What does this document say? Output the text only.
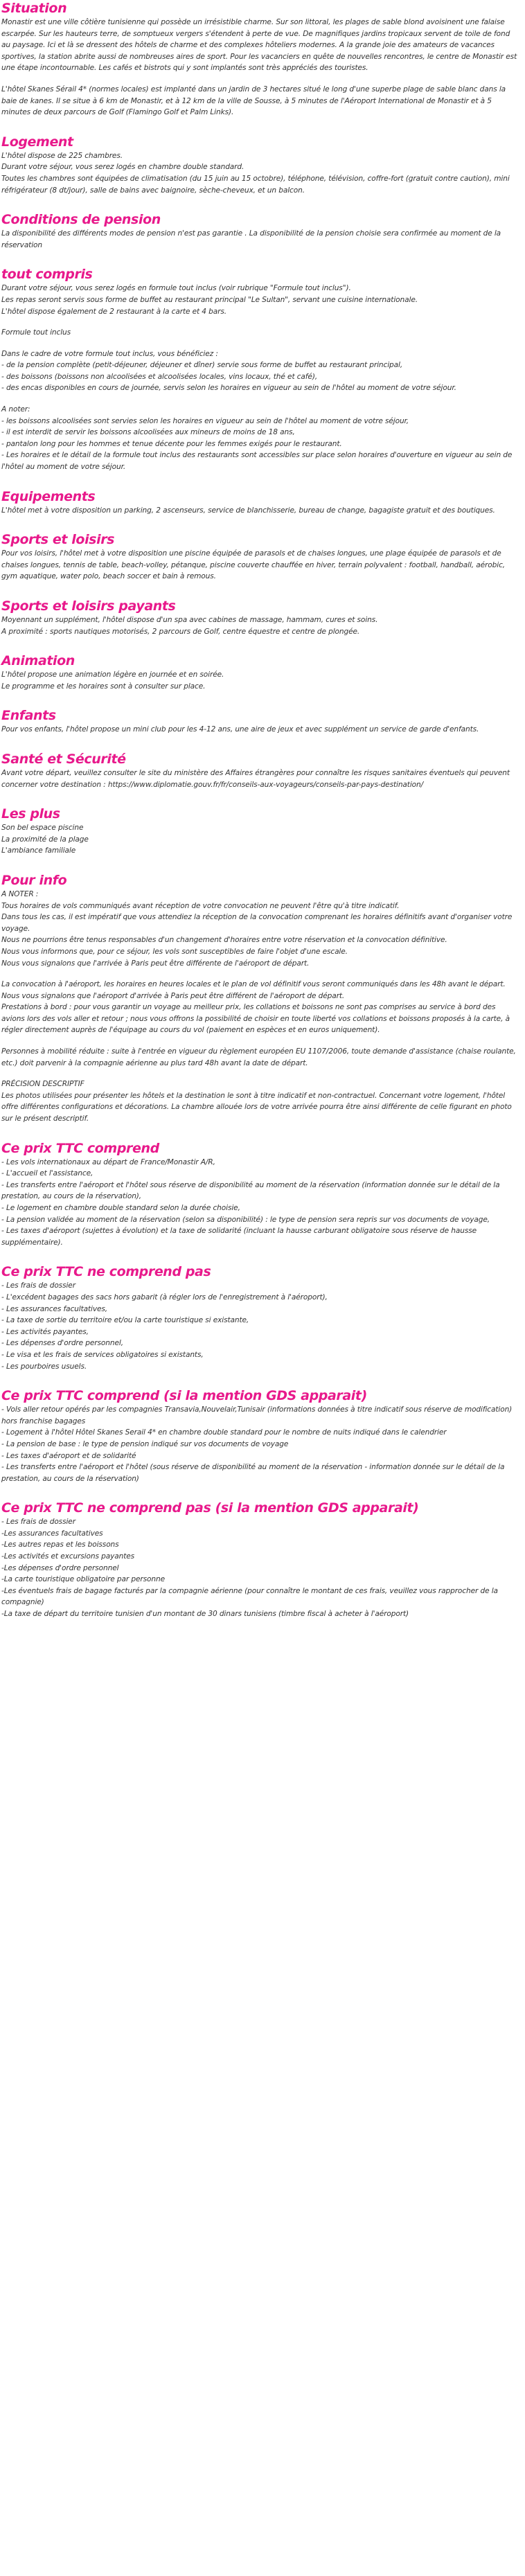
Situation
Monastir est une ville côtière tunisienne qui possède un irrésistible charme. Sur son littoral, les plages de sable blond avoisinent une falaise escarpée. Sur les hauteurs terre, de somptueux vergers s'étendent à perte de vue. De magnifiques jardins tropicaux servent de toile de fond au paysage. Ici et là se dressent des hôtels de charme et des complexes hôteliers modernes. A la grande joie des amateurs de vacances sportives, la station abrite aussi de nombreuses aires de sport. Pour les vacanciers en quête de nouvelles rencontres, le centre de Monastir est une étape incontournable. Les cafés et bistrots qui y sont implantés sont très appréciés des touristes.
L'hôtel Skanes Sérail 4* (normes locales) est implanté dans un jardin de 3 hectares situé le long d'une superbe plage de sable blanc dans la baie de kanes. Il se situe à 6 km de Monastir, et à 12 km de la ville de Sousse, à 5 minutes de l'Aéroport International de Monastir et à 5 minutes de deux parcours de Golf (Flamingo Golf et Palm Links).
Logement
L'hôtel dispose de 225 chambres.
Durant votre séjour, vous serez logés en chambre double standard.
Toutes les chambres sont équipées de climatisation (du 15 juin au 15 octobre), téléphone, télévision, coffre-fort (gratuit contre caution), mini réfrigérateur (8 dt/jour), salle de bains avec baignoire, sèche-cheveux, et un balcon.
Conditions de pension
La disponibilité des différents modes de pension n'est pas garantie . La disponibilité de la pension choisie sera confirmée au moment de la réservation
tout compris
Durant votre séjour, vous serez logés en formule tout inclus (voir rubrique "Formule tout inclus").
Les repas seront servis sous forme de buffet au restaurant principal "Le Sultan", servant une cuisine internationale.
L'hôtel dispose également de 2 restaurant à la carte et 4 bars.
Formule tout inclus
Dans le cadre de votre formule tout inclus, vous bénéficiez :
- de la pension complète (petit-déjeuner, déjeuner et dîner) servie sous forme de buffet au restaurant principal,
- des boissons (boissons non alcoolisées et alcoolisées locales, vins locaux, thé et café),
- des encas disponibles en cours de journée, servis selon les horaires en vigueur au sein de l'hôtel au moment de votre séjour.
A noter:
- les boissons alcoolisées sont servies selon les horaires en vigueur au sein de l'hôtel au moment de votre séjour,
- il est interdit de servir les boissons alcoolisées aux mineurs de moins de 18 ans,
- pantalon long pour les hommes et tenue décente pour les femmes exigés pour le restaurant.
- Les horaires et le détail de la formule tout inclus des restaurants sont accessibles sur place selon horaires d'ouverture en vigueur au sein de l'hôtel au moment de votre séjour.
Equipements
L'hôtel met à votre disposition un parking, 2 ascenseurs, service de blanchisserie, bureau de change, bagagiste gratuit et des boutiques.
Sports et loisirs
Pour vos loisirs, l'hôtel met à votre disposition une piscine équipée de parasols et de chaises longues, une plage équipée de parasols et de chaises longues, tennis de table, beach-volley, pétanque, piscine couverte chauffée en hiver, terrain polyvalent : football, handball, aérobic, gym aquatique, water polo, beach soccer et bain à remous.
Sports et loisirs payants
Moyennant un supplément, l'hôtel dispose d'un spa avec cabines de massage, hammam, cures et soins.
A proximité : sports nautiques motorisés, 2 parcours de Golf, centre équestre et centre de plongée.
Animation
L'hôtel propose une animation légère en journée et en soirée.
Le programme et les horaires sont à consulter sur place.
Enfants
Pour vos enfants, l'hôtel propose un mini club pour les 4-12 ans, une aire de jeux et avec supplément un service de garde d'enfants.
Santé et Sécurité
Avant votre départ, veuillez consulter le site du ministère des Affaires étrangères pour connaître les risques sanitaires éventuels qui peuvent concerner votre destination : https://www.diplomatie.gouv.fr/fr/conseils-aux-voyageurs/conseils-par-pays-destination/
Les plus
Son bel espace piscine
La proximité de la plage
L'ambiance familiale
Pour info
A NOTER :
Tous horaires de vols communiqués avant réception de votre convocation ne peuvent l'être qu'à titre indicatif.
Dans tous les cas, il est impératif que vous attendiez la réception de la convocation comprenant les horaires définitifs avant d'organiser votre voyage.
Nous ne pourrions être tenus responsables d'un changement d'horaires entre votre réservation et la convocation définitive.
Nous vous informons que, pour ce séjour, les vols sont susceptibles de faire l'objet d'une escale.
Nous vous signalons que l'arrivée à Paris peut être différente de l'aéroport de départ.
La convocation à l'aéroport, les horaires en heures locales et le plan de vol définitif vous seront communiqués dans les 48h avant le départ.
Nous vous signalons que l'aéroport d'arrivée à Paris peut être différent de l'aéroport de départ.
Prestations à bord : pour vous garantir un voyage au meilleur prix, les collations et boissons ne sont pas comprises au service à bord des avions lors des vols aller et retour ; nous vous offrons la possibilité de choisir en toute liberté vos collations et boissons proposés à la carte, à régler directement auprès de l'équipage au cours du vol (paiement en espèces et en euros uniquement).
Personnes à mobilité réduite : suite à l'entrée en vigueur du règlement européen EU 1107/2006, toute demande d'assistance (chaise roulante, etc.) doit parvenir à la compagnie aérienne au plus tard 48h avant la date de départ.
PRÉCISION DESCRIPTIF
Les photos utilisées pour présenter les hôtels et la destination le sont à titre indicatif et non-contractuel. Concernant votre logement, l'hôtel offre différentes configurations et décorations. La chambre allouée lors de votre arrivée pourra être ainsi différente de celle figurant en photo sur le présent descriptif.
Ce prix TTC comprend
- Les vols internationaux au départ de France/Monastir A/R,
- L'accueil et l'assistance,
- Les transferts entre l'aéroport et l'hôtel sous réserve de disponibilité au moment de la réservation (information donnée sur le détail de la prestation, au cours de la réservation),
- Le logement en chambre double standard selon la durée choisie,
- La pension validée au moment de la réservation (selon sa disponibilité) : le type de pension sera repris sur vos documents de voyage,
- Les taxes d'aéroport (sujettes à évolution) et la taxe de solidarité (incluant la hausse carburant obligatoire sous réserve de hausse supplémentaire).
Ce prix TTC ne comprend pas
- Les frais de dossier
- L'excédent bagages des sacs hors gabarit (à régler lors de l'enregistrement à l'aéroport),
- Les assurances facultatives,
- La taxe de sortie du territoire et/ou la carte touristique si existante,
- Les activités payantes,
- Les dépenses d'ordre personnel,
- Le visa et les frais de services obligatoires si existants,
- Les pourboires usuels.
Ce prix TTC comprend (si la mention GDS apparait)
- Vols aller retour opérés par les compagnies Transavia,Nouvelair,Tunisair (informations données à titre indicatif sous réserve de modification) hors franchise bagages
- Logement à l'hôtel Hôtel Skanes Serail 4* en chambre double standard pour le nombre de nuits indiqué dans le calendrier
- La pension de base : le type de pension indiqué sur vos documents de voyage
- Les taxes d'aéroport et de solidarité
- Les transferts entre l'aéroport et l'hôtel (sous réserve de disponibilité au moment de la réservation - information donnée sur le détail de la prestation, au cours de la réservation)
Ce prix TTC ne comprend pas (si la mention GDS apparait)
- Les frais de dossier
-Les assurances facultatives
-Les autres repas et les boissons
-Les activités et excursions payantes
-Les dépenses d'ordre personnel
-La carte touristique obligatoire par personne
-Les éventuels frais de bagage facturés par la compagnie aérienne (pour connaître le montant de ces frais, veuillez vous rapprocher de la compagnie)
-La taxe de départ du territoire tunisien d'un montant de 30 dinars tunisiens (timbre fiscal à acheter à l'aéroport)
